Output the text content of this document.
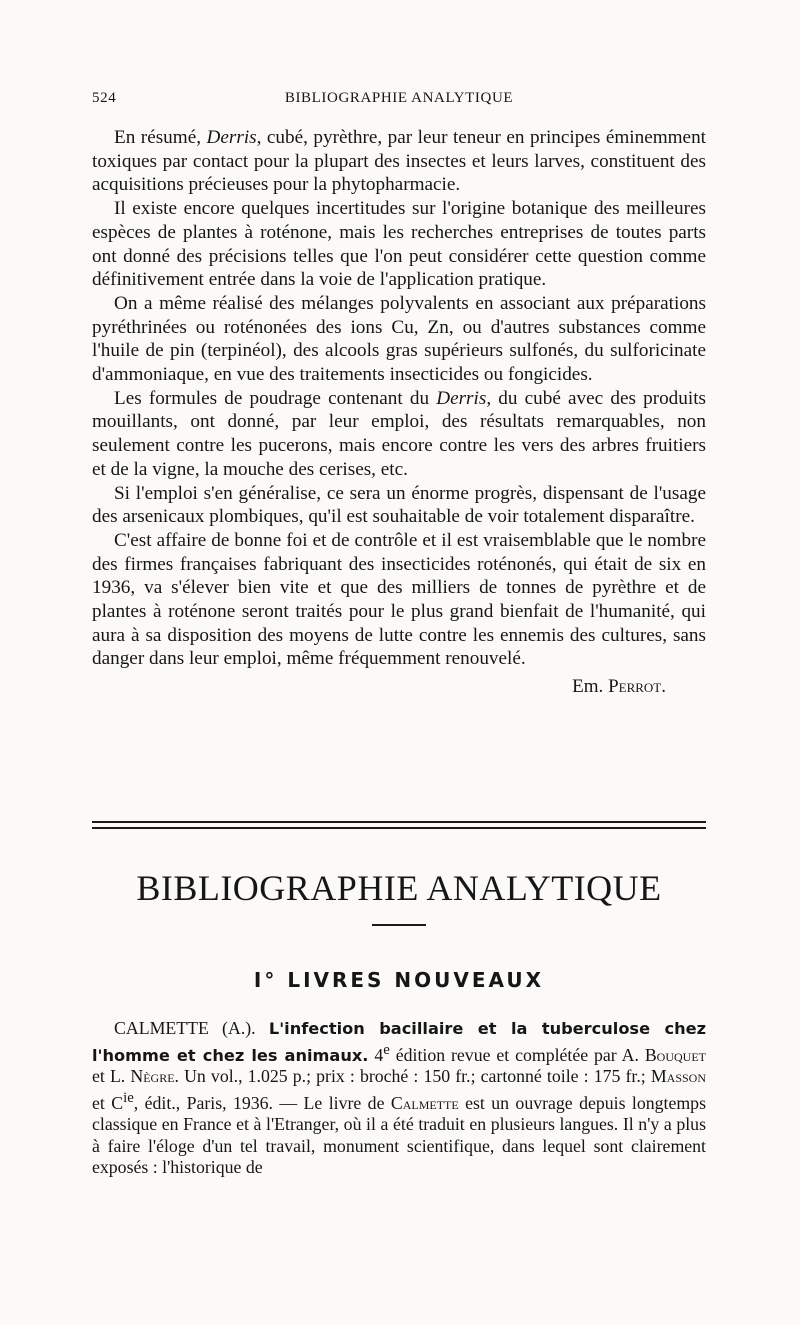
524	BIBLIOGRAPHIE ANALYTIQUE

En résumé, Derris, cubé, pyrèthre, par leur teneur en principes éminemment toxiques par contact pour la plupart des insectes et leurs larves, constituent des acquisitions précieuses pour la phytopharmacie.

Il existe encore quelques incertitudes sur l'origine botanique des meilleures espèces de plantes à roténone, mais les recherches entreprises de toutes parts ont donné des précisions telles que l'on peut considérer cette question comme définitivement entrée dans la voie de l'application pratique.

On a même réalisé des mélanges polyvalents en associant aux préparations pyréthrinées ou roténonées des ions Cu, Zn, ou d'autres substances comme l'huile de pin (terpinéol), des alcools gras supérieurs sulfonés, du sulforicinate d'ammoniaque, en vue des traitements insecticides ou fongicides.

Les formules de poudrage contenant du Derris, du cubé avec des produits mouillants, ont donné, par leur emploi, des résultats remarquables, non seulement contre les pucerons, mais encore contre les vers des arbres fruitiers et de la vigne, la mouche des cerises, etc.

Si l'emploi s'en généralise, ce sera un énorme progrès, dispensant de l'usage des arsenicaux plombiques, qu'il est souhaitable de voir totalement disparaître.

C'est affaire de bonne foi et de contrôle et il est vraisemblable que le nombre des firmes françaises fabriquant des insecticides roténonés, qui était de six en 1936, va s'élever bien vite et que des milliers de tonnes de pyrèthre et de plantes à roténone seront traités pour le plus grand bienfait de l'humanité, qui aura à sa disposition des moyens de lutte contre les ennemis des cultures, sans danger dans leur emploi, même fréquemment renouvelé.

Em. Perrot.
BIBLIOGRAPHIE ANALYTIQUE
I° LIVRES NOUVEAUX

CALMETTE (A.). L'infection bacillaire et la tuberculose chez l'homme et chez les animaux. 4e édition revue et complétée par A. Bouquet et L. Nègre. Un vol., 1.025 p.; prix : broché : 150 fr.; cartonné toile : 175 fr.; Masson et $C^{ie}$, édit., Paris, 1936. — Le livre de Calmette est un ouvrage depuis longtemps classique en France et à l'Etranger, où il a été traduit en plusieurs langues. Il n'y a plus à faire l'éloge d'un tel travail, monument scientifique, dans lequel sont clairement exposés : l'historique de
